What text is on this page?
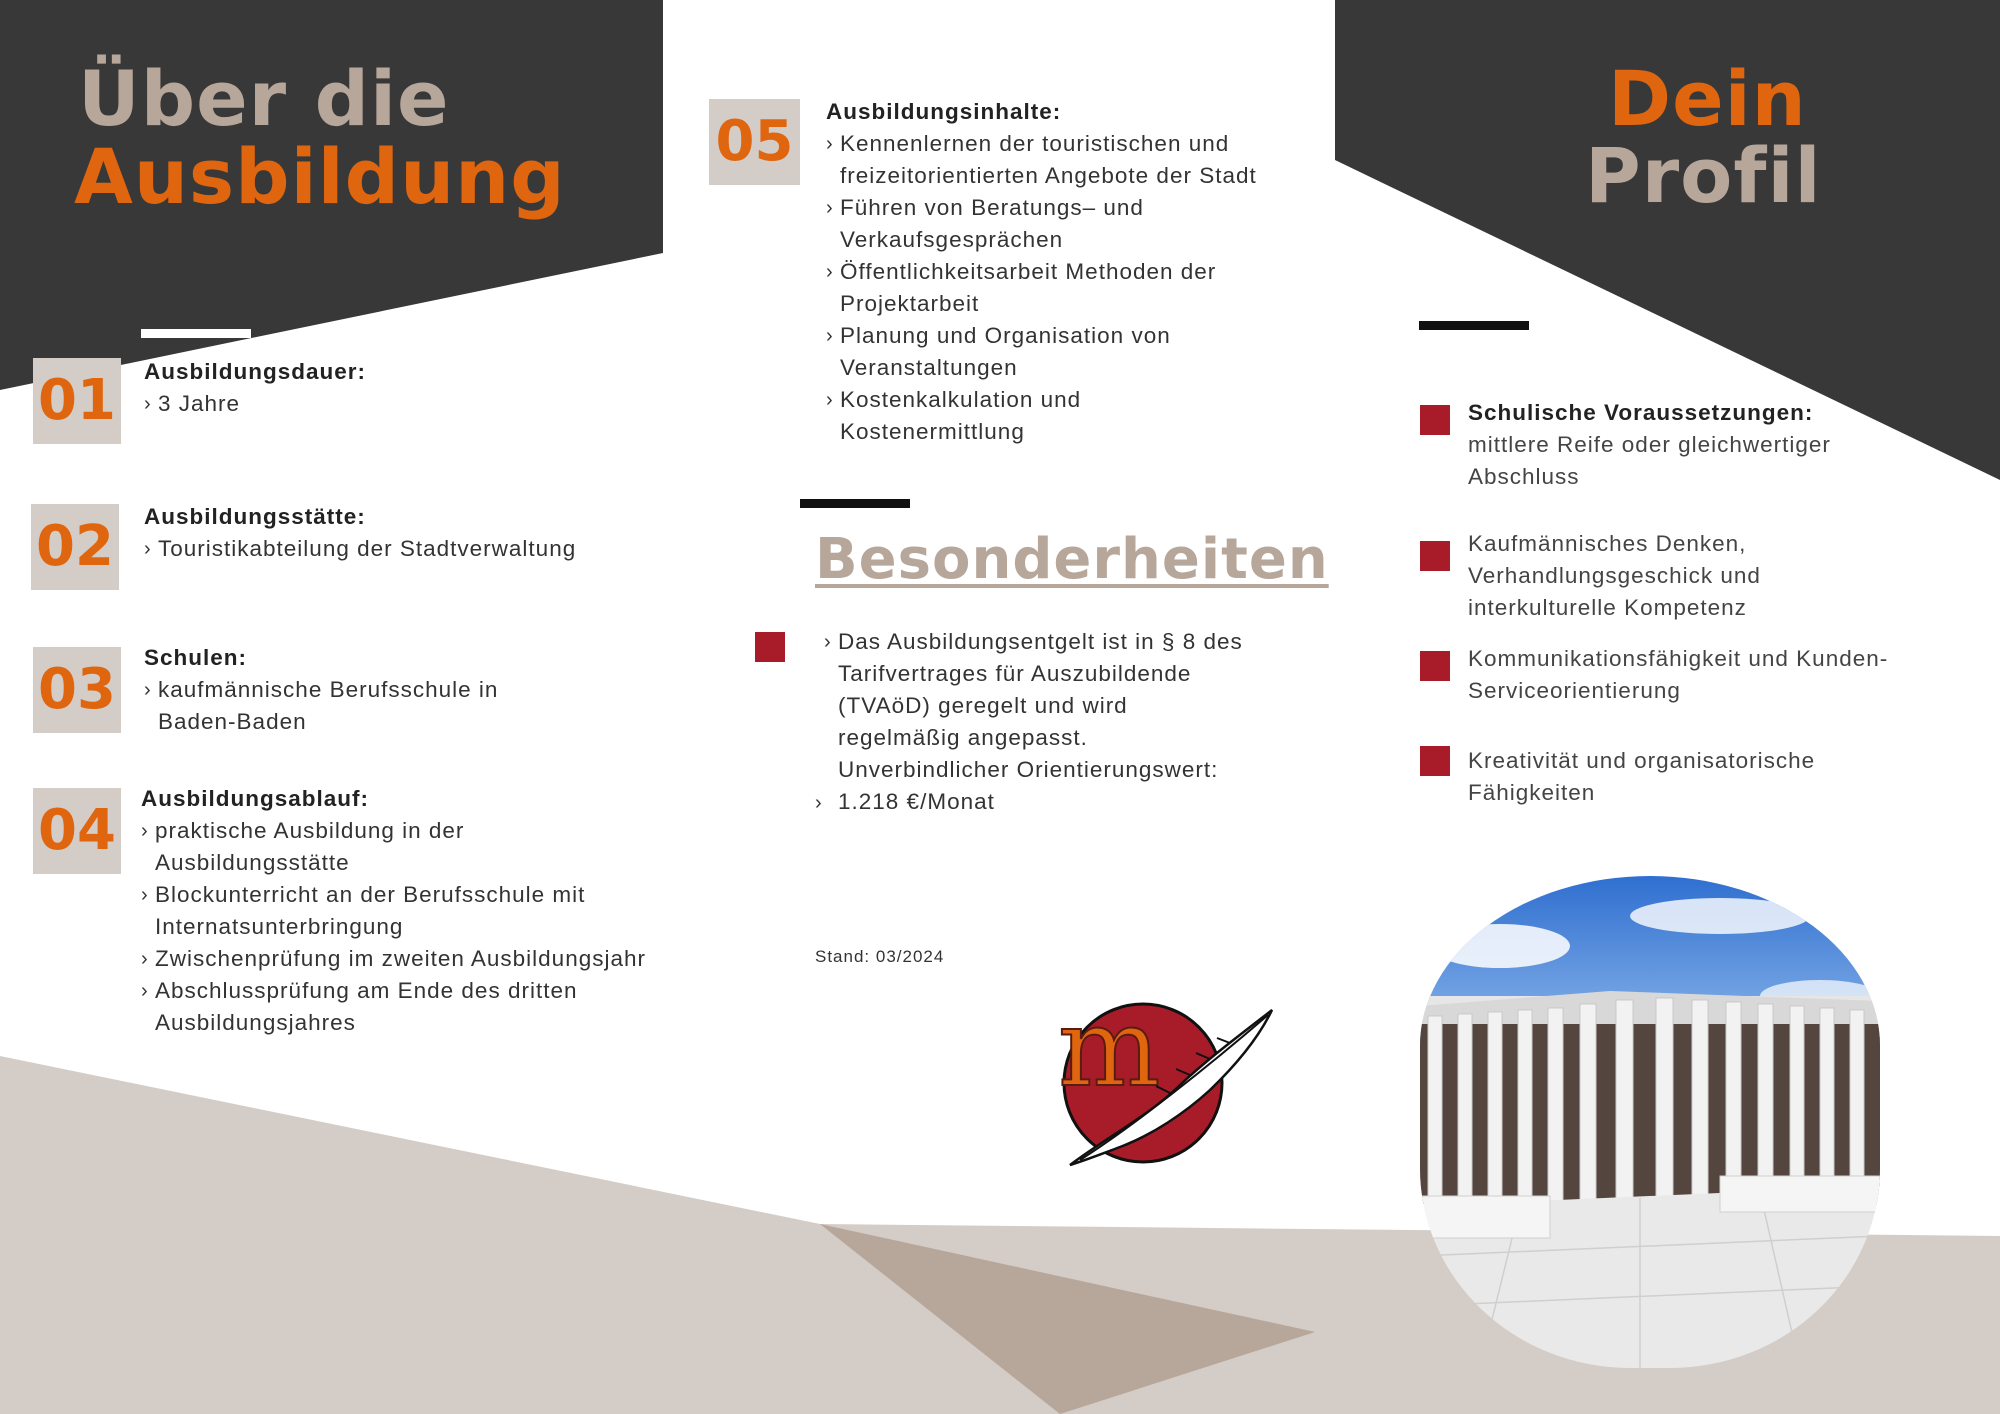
Über die
Ausbildung
01 Ausbildungsdauer:
› 3 Jahre
02 Ausbildungsstätte:
› Touristikabteilung der Stadtverwaltung
03 Schulen:
› kaufmännische Berufsschule in Baden-Baden
04 Ausbildungsablauf:
› praktische Ausbildung in der Ausbildungsstätte
› Blockunterricht an der Berufsschule mit Internatsunterbringung
› Zwischenprüfung im zweiten Ausbildungsjahr
› Abschlussprüfung am Ende des dritten Ausbildungsjahres
05 Ausbildungsinhalte:
› Kennenlernen der touristischen und freizeitorientierten Angebote der Stadt
› Führen von Beratungs– und Verkaufsgesprächen
› Öffentlichkeitsarbeit Methoden der Projektarbeit
› Planung und Organisation von Veranstaltungen
› Kostenkalkulation und Kostenermittlung
Besonderheiten
› Das Ausbildungsentgelt ist in § 8 des Tarifvertrages für Auszubildende (TVAöD) geregelt und wird regelmäßig angepasst. Unverbindlicher Orientierungswert:
› 1.218 €/Monat
Stand: 03/2024
m
Dein
Profil
Schulische Voraussetzungen:
mittlere Reife oder gleichwertiger Abschluss
Kaufmännisches Denken, Verhandlungsgeschick und interkulturelle Kompetenz
Kommunikationsfähigkeit und Kunden-Serviceorientierung
Kreativität und organisatorische Fähigkeiten
